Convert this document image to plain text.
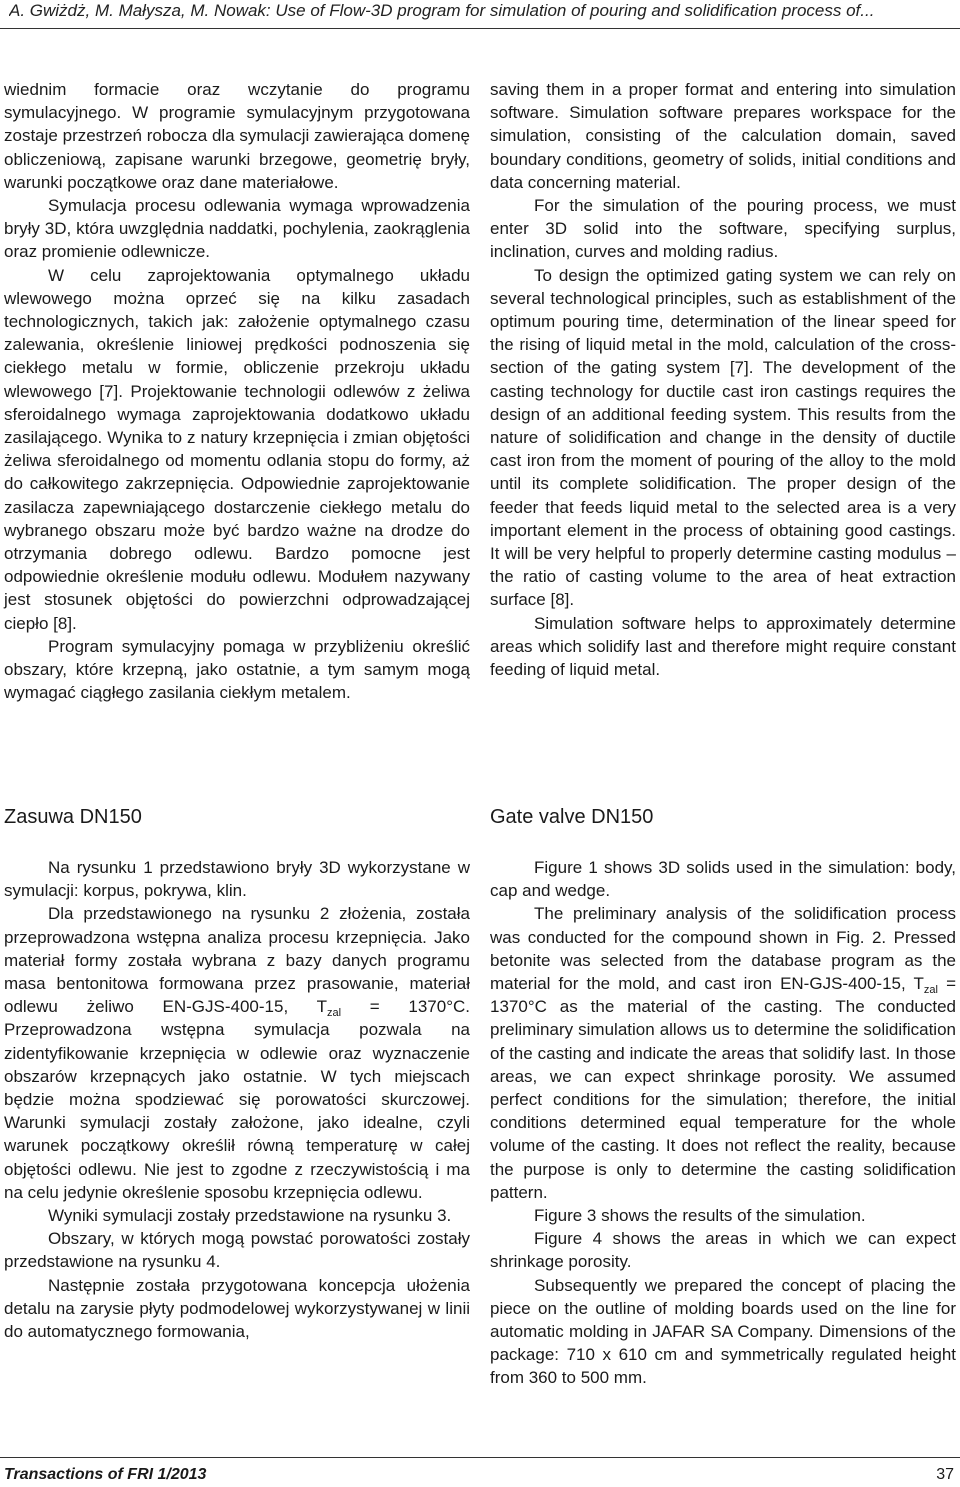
A. Gwiżdż, M. Małysza, M. Nowak: Use of Flow-3D program for simulation of pouring and solidification process of...

wiednim formacie oraz wczytanie do programu symulacyjnego. W programie symulacyjnym przygotowana zostaje przestrzeń robocza dla symulacji zawierająca domenę obliczeniową, zapisane warunki brzegowe, geometrię bryły, warunki początkowe oraz dane materiałowe.

Symulacja procesu odlewania wymaga wprowadzenia bryły 3D, która uwzględnia naddatki, pochylenia, zaokrąglenia oraz promienie odlewnicze.

W celu zaprojektowania optymalnego układu wlewowego można oprzeć się na kilku zasadach technologicznych, takich jak: założenie optymalnego czasu zalewania, określenie liniowej prędkości podnoszenia się ciekłego metalu w formie, obliczenie przekroju układu wlewowego [7]. Projektowanie technologii odlewów z żeliwa sferoidalnego wymaga zaprojektowania dodatkowo układu zasilającego. Wynika to z natury krzepnięcia i zmian objętości żeliwa sferoidalnego od momentu odlania stopu do formy, aż do całkowitego zakrzepnięcia. Odpowiednie zaprojektowanie zasilacza zapewniającego dostarczenie ciekłego metalu do wybranego obszaru może być bardzo ważne na drodze do otrzymania dobrego odlewu. Bardzo pomocne jest odpowiednie określenie modułu odlewu. Modułem nazywany jest stosunek objętości do powierzchni odprowadzającej ciepło [8].

Program symulacyjny pomaga w przybliżeniu określić obszary, które krzepną, jako ostatnie, a tym samym mogą wymagać ciągłego zasilania ciekłym metalem.

saving them in a proper format and entering into simulation software. Simulation software prepares workspace for the simulation, consisting of the calculation domain, saved boundary conditions, geometry of solids, initial conditions and data concerning material.

For the simulation of the pouring process, we must enter 3D solid into the software, specifying surplus, inclination, curves and molding radius.

To design the optimized gating system we can rely on several technological principles, such as establishment of the optimum pouring time, determination of the linear speed for the rising of liquid metal in the mold, calculation of the cross-section of the gating system [7]. The development of the casting technology for ductile cast iron castings requires the design of an additional feeding system. This results from the nature of solidification and change in the density of ductile cast iron from the moment of pouring of the alloy to the mold until its complete solidification. The proper design of the feeder that feeds liquid metal to the selected area is a very important element in the process of obtaining good castings. It will be very helpful to properly determine casting modulus – the ratio of casting volume to the area of heat extraction surface [8].

Simulation software helps to approximately determine areas which solidify last and therefore might require constant feeding of liquid metal.

Zasuwa DN150	Gate valve DN150

Na rysunku 1 przedstawiono bryły 3D wykorzystane w symulacji: korpus, pokrywa, klin.

Dla przedstawionego na rysunku 2 złożenia, została przeprowadzona wstępna analiza procesu krzepnięcia. Jako materiał formy została wybrana z bazy danych programu masa bentonitowa formowana przez prasowanie, materiał odlewu żeliwo EN-GJS-400-15, $T_{zal} = 1370^\circ C$. Przeprowadzona wstępna symulacja pozwala na zidentyfikowanie krzepnięcia w odlewie oraz wyznaczenie obszarów krzepnących jako ostatnie. W tych miejscach będzie można spodziewać się porowatości skurczowej. Warunki symulacji zostały założone, jako idealne, czyli warunek początkowy określił równą temperaturę w całej objętości odlewu. Nie jest to zgodne z rzeczywistością i ma na celu jedynie określenie sposobu krzepnięcia odlewu.

Wyniki symulacji zostały przedstawione na rysunku 3.

Obszary, w których mogą powstać porowatości zostały przedstawione na rysunku 4.

Następnie została przygotowana koncepcja ułożenia detalu na zarysie płyty podmodelowej wykorzystywanej w linii do automatycznego formowania,

Figure 1 shows 3D solids used in the simulation: body, cap and wedge.

The preliminary analysis of the solidification process was conducted for the compound shown in Fig. 2. Pressed betonite was selected from the database program as the material for the mold, and cast iron EN-GJS-400-15, $T_{zal} = 1370^\circ C$ as the material of the casting. The conducted preliminary simulation allows us to determine the solidification of the casting and indicate the areas that solidify last. In those areas, we can expect shrinkage porosity. We assumed perfect conditions for the simulation; therefore, the initial conditions determined equal temperature for the whole volume of the casting. It does not reflect the reality, because the purpose is only to determine the casting solidification pattern.

Figure 3 shows the results of the simulation.

Figure 4 shows the areas in which we can expect shrinkage porosity.

Subsequently we prepared the concept of placing the piece on the outline of molding boards used on the line for automatic molding in JAFAR SA Company. Dimensions of the package: 710 x 610 cm and symmetrically regulated height from 360 to 500 mm.

Transactions of FRI 1/2013	37
